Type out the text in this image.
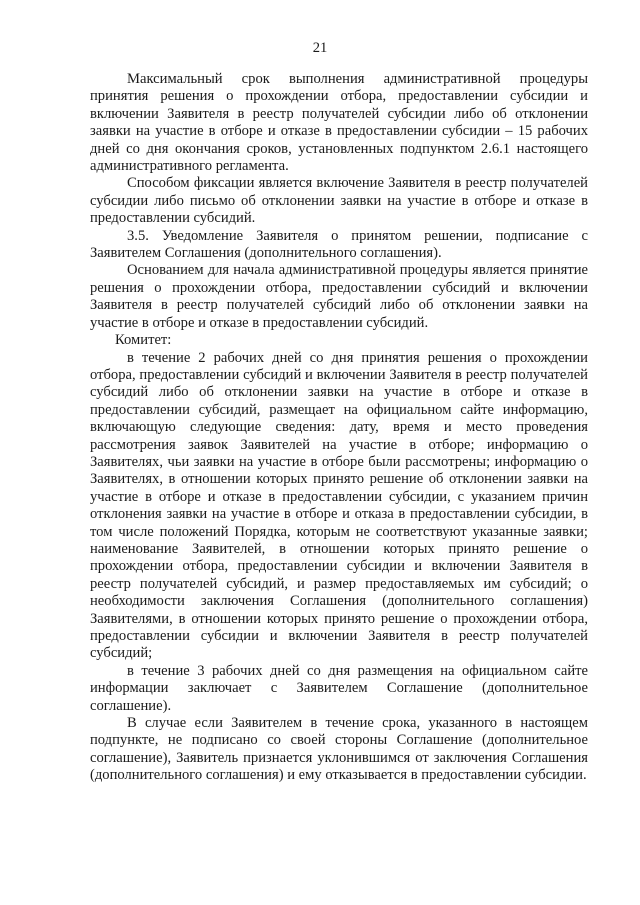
21

Максимальный срок выполнения административной процедуры принятия решения о прохождении отбора, предоставлении субсидии и включении Заявителя в реестр получателей субсидии либо об отклонении заявки на участие в отборе и отказе в предоставлении субсидии – 15 рабочих дней со дня окончания сроков, установленных подпунктом 2.6.1 настоящего административного регламента.

Способом фиксации является включение Заявителя в реестр получателей субсидии либо письмо об отклонении заявки на участие в отборе и отказе в предоставлении субсидий.

3.5. Уведомление Заявителя о принятом решении, подписание с Заявителем Соглашения (дополнительного соглашения).

Основанием для начала административной процедуры является принятие решения о прохождении отбора, предоставлении субсидий и включении Заявителя в реестр получателей субсидий либо об отклонении заявки на участие в отборе и отказе в предоставлении субсидий.

Комитет:

в течение 2 рабочих дней со дня принятия решения о прохождении отбора, предоставлении субсидий и включении Заявителя в реестр получателей субсидий либо об отклонении заявки на участие в отборе и отказе в предоставлении субсидий, размещает на официальном сайте информацию, включающую следующие сведения: дату, время и место проведения рассмотрения заявок Заявителей на участие в отборе; информацию о Заявителях, чьи заявки на участие в отборе были рассмотрены; информацию о Заявителях, в отношении которых принято решение об отклонении заявки на участие в отборе и отказе в предоставлении субсидии, с указанием причин отклонения заявки на участие в отборе и отказа в предоставлении субсидии, в том числе положений Порядка, которым не соответствуют указанные заявки; наименование Заявителей, в отношении которых принято решение о прохождении отбора, предоставлении субсидии и включении Заявителя в реестр получателей субсидий, и размер предоставляемых им субсидий; о необходимости заключения Соглашения (дополнительного соглашения) Заявителями, в отношении которых принято решение о прохождении отбора, предоставлении субсидии и включении Заявителя в реестр получателей субсидий;

в течение 3 рабочих дней со дня размещения на официальном сайте информации заключает с Заявителем Соглашение (дополнительное соглашение).

В случае если Заявителем в течение срока, указанного в настоящем подпункте, не подписано со своей стороны Соглашение (дополнительное соглашение), Заявитель признается уклонившимся от заключения Соглашения (дополнительного соглашения) и ему отказывается в предоставлении субсидии.
